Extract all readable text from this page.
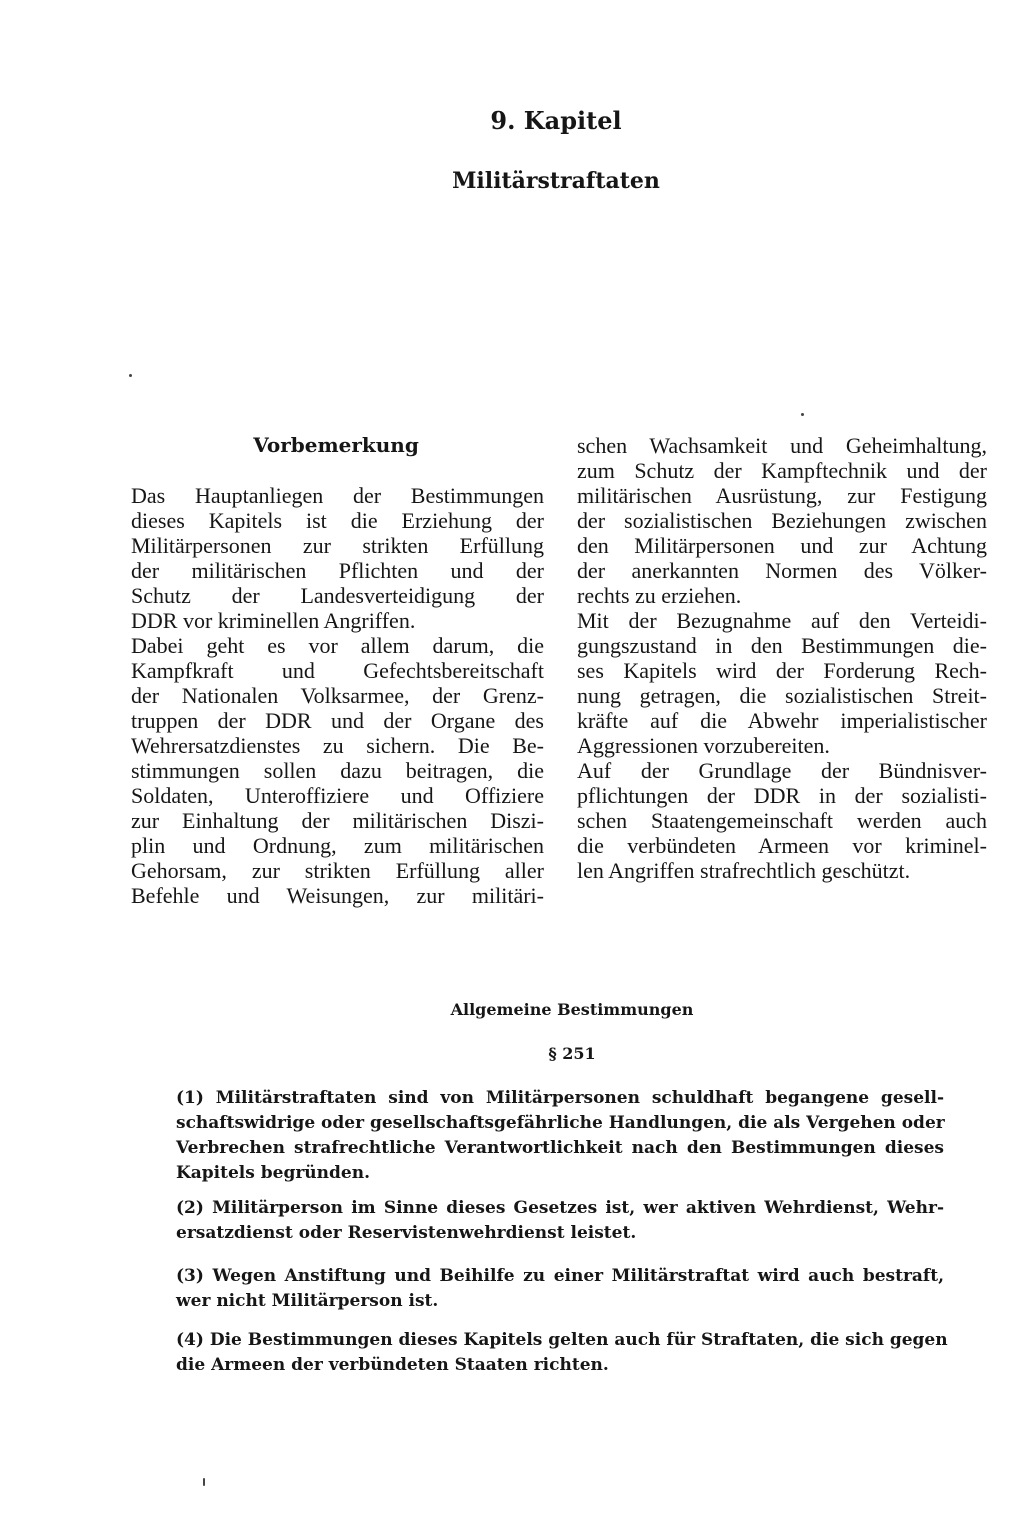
9. Kapitel
Militärstraftaten
Vorbemerkung
Das Hauptanliegen der Bestimmungen
dieses Kapitels ist die Erziehung der
Militärpersonen zur strikten Erfüllung
der militärischen Pflichten und der
Schutz der Landesverteidigung der
DDR vor kriminellen Angriffen.
Dabei geht es vor allem darum, die
Kampfkraft und Gefechtsbereitschaft
der Nationalen Volksarmee, der Grenz-
truppen der DDR und der Organe des
Wehrersatzdienstes zu sichern. Die Be-
stimmungen sollen dazu beitragen, die
Soldaten, Unteroffiziere und Offiziere
zur Einhaltung der militärischen Diszi-
plin und Ordnung, zum militärischen
Gehorsam, zur strikten Erfüllung aller
Befehle und Weisungen, zur militäri-
schen Wachsamkeit und Geheimhaltung,
zum Schutz der Kampftechnik und der
militärischen Ausrüstung, zur Festigung
der sozialistischen Beziehungen zwischen
den Militärpersonen und zur Achtung
der anerkannten Normen des Völker-
rechts zu erziehen.
Mit der Bezugnahme auf den Verteidi-
gungszustand in den Bestimmungen die-
ses Kapitels wird der Forderung Rech-
nung getragen, die sozialistischen Streit-
kräfte auf die Abwehr imperialistischer
Aggressionen vorzubereiten.
Auf der Grundlage der Bündnisver-
pflichtungen der DDR in der sozialisti-
schen Staatengemeinschaft werden auch
die verbündeten Armeen vor kriminel-
len Angriffen strafrechtlich geschützt.
Allgemeine Bestimmungen
§ 251
(1) Militärstraftaten sind von Militärpersonen schuldhaft begangene gesell-
schaftswidrige oder gesellschaftsgefährliche Handlungen, die als Vergehen oder
Verbrechen strafrechtliche Verantwortlichkeit nach den Bestimmungen dieses
Kapitels begründen.
(2) Militärperson im Sinne dieses Gesetzes ist, wer aktiven Wehrdienst, Wehr-
ersatzdienst oder Reservistenwehrdienst leistet.
(3) Wegen Anstiftung und Beihilfe zu einer Militärstraftat wird auch bestraft,
wer nicht Militärperson ist.
(4) Die Bestimmungen dieses Kapitels gelten auch für Straftaten, die sich gegen
die Armeen der verbündeten Staaten richten.
